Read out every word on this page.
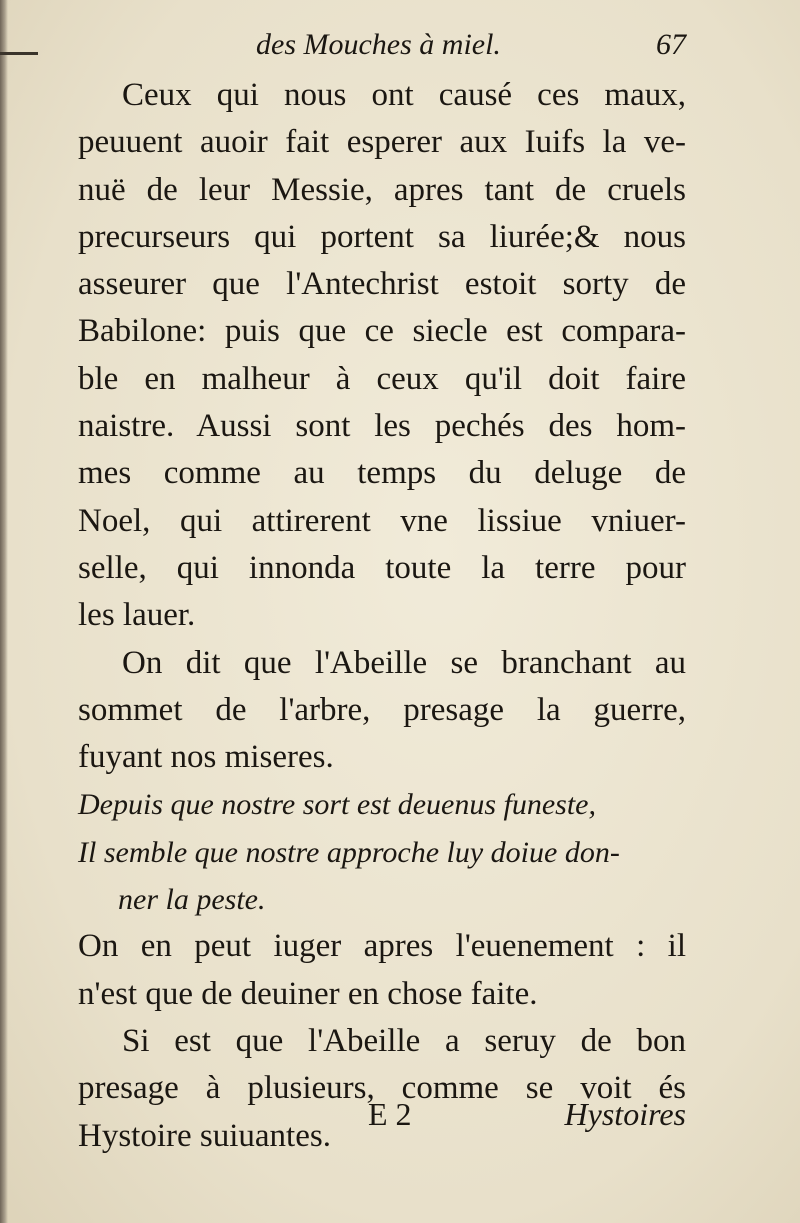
des Mouches à miel.	67
Ceux qui nous ont causé ces maux,
peuuent auoir fait esperer aux Iuifs la ve-
nuë de leur Messie, apres tant de cruels
precurseurs qui portent sa liurée;& nous
asseurer que l'Antechrist estoit sorty de
Babilone: puis que ce siecle est compara-
ble en malheur à ceux qu'il doit faire
naistre. Aussi sont les pechés des hom-
mes comme au temps du deluge de
Noel, qui attirerent vne lissiue vniuer-
selle, qui innonda toute la terre pour
les lauer.
On dit que l'Abeille se branchant au
sommet de l'arbre, presage la guerre,
fuyant nos miseres.
Depuis que nostre sort est deuenus funeste,
Il semble que nostre approche luy doiue don-
ner la peste.
On en peut iuger apres l'euenement : il
n'est que de deuiner en chose faite.
Si est que l'Abeille a seruy de bon
presage à plusieurs, comme se voit és
Hystoire suiuantes.
E 2	Hystoires
